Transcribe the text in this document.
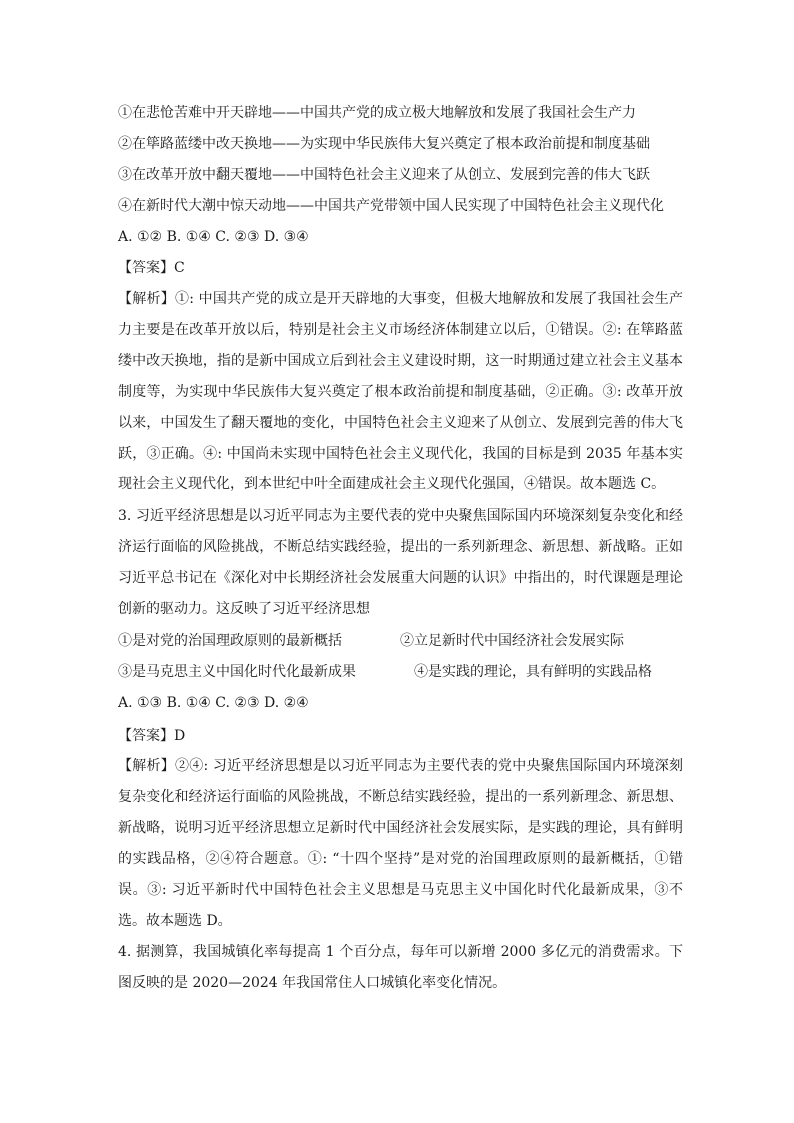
①在悲怆苦难中开天辟地——中国共产党的成立极大地解放和发展了我国社会生产力
②在筚路蓝缕中改天换地——为实现中华民族伟大复兴奠定了根本政治前提和制度基础
③在改革开放中翻天覆地——中国特色社会主义迎来了从创立、发展到完善的伟大飞跃
④在新时代大潮中惊天动地——中国共产党带领中国人民实现了中国特色社会主义现代化
A. ①② B. ①④ C. ②③ D. ③④
【答案】C

【解析】①: 中国共产党的成立是开天辟地的大事变，但极大地解放和发展了我国社会生产力主要是在改革开放以后，特别是社会主义市场经济体制建立以后，①错误。②: 在筚路蓝缕中改天换地，指的是新中国成立后到社会主义建设时期，这一时期通过建立社会主义基本制度等，为实现中华民族伟大复兴奠定了根本政治前提和制度基础，②正确。③: 改革开放以来，中国发生了翻天覆地的变化，中国特色社会主义迎来了从创立、发展到完善的伟大飞跃，③正确。④: 中国尚未实现中国特色社会主义现代化，我国的目标是到 2035 年基本实现社会主义现代化，到本世纪中叶全面建成社会主义现代化强国，④错误。故本题选 C。

3. 习近平经济思想是以习近平同志为主要代表的党中央聚焦国际国内环境深刻复杂变化和经济运行面临的风险挑战，不断总结实践经验，提出的一系列新理念、新思想、新战略。正如习近平总书记在《深化对中长期经济社会发展重大问题的认识》中指出的，时代课题是理论创新的驱动力。这反映了习近平经济思想

①是对党的治国理政原则的最新概括	②立足新时代中国经济社会发展实际
③是马克思主义中国化时代化最新成果	④是实践的理论，具有鲜明的实践品格
A. ①③ B. ①④ C. ②③ D. ②④
【答案】D

【解析】②④: 习近平经济思想是以习近平同志为主要代表的党中央聚焦国际国内环境深刻复杂变化和经济运行面临的风险挑战，不断总结实践经验，提出的一系列新理念、新思想、新战略，说明习近平经济思想立足新时代中国经济社会发展实际，是实践的理论，具有鲜明的实践品格，②④符合题意。①: “十四个坚持”是对党的治国理政原则的最新概括，①错误。③: 习近平新时代中国特色社会主义思想是马克思主义中国化时代化最新成果，③不选。故本题选 D。

4. 据测算，我国城镇化率每提高 1 个百分点，每年可以新增 2000 多亿元的消费需求。下图反映的是 2020—2024 年我国常住人口城镇化率变化情况。
